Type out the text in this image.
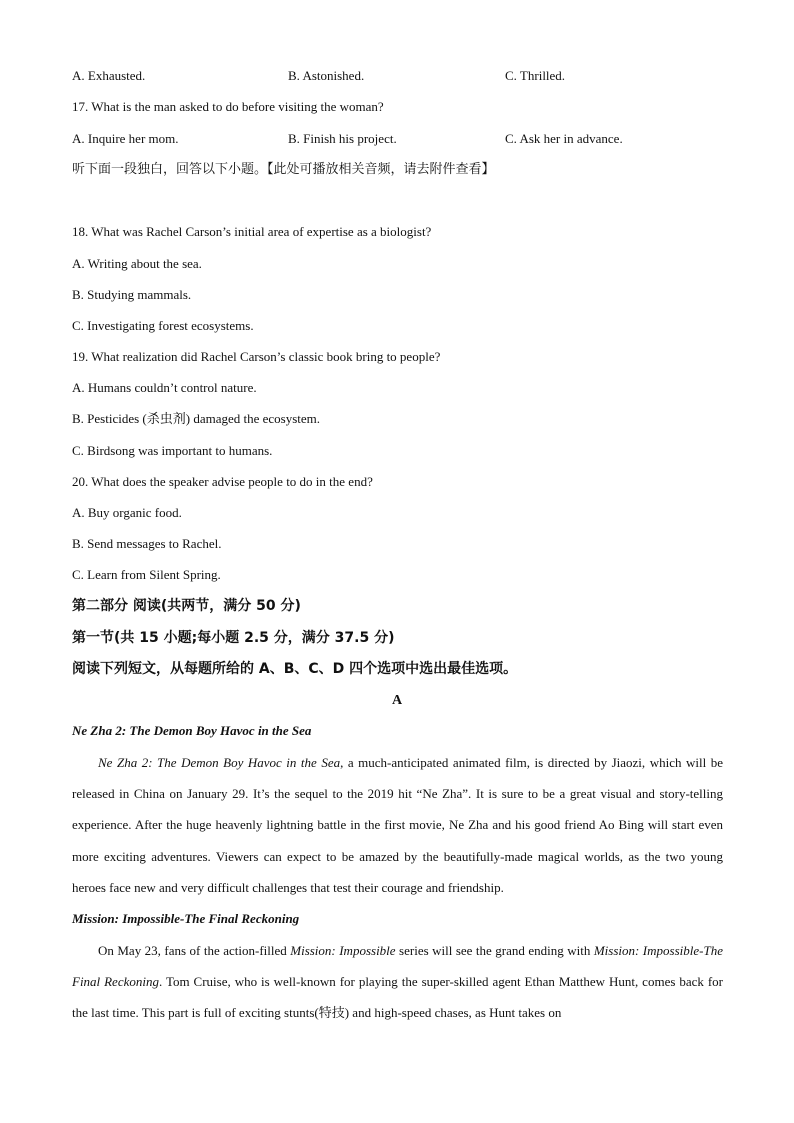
A. Exhausted.	B. Astonished.	C. Thrilled.
17. What is the man asked to do before visiting the woman?
A. Inquire her mom.	B. Finish his project.	C. Ask her in advance.
听下面一段独白，回答以下小题。【此处可播放相关音频，请去附件查看】
18. What was Rachel Carson’s initial area of expertise as a biologist?
A. Writing about the sea.
B. Studying mammals.
C. Investigating forest ecosystems.
19. What realization did Rachel Carson’s classic book bring to people?
A. Humans couldn’t control nature.
B. Pesticides (杀虫剂) damaged the ecosystem.
C. Birdsong was important to humans.
20. What does the speaker advise people to do in the end?
A. Buy organic food.
B. Send messages to Rachel.
C. Learn from Silent Spring.
第二部分 阅读(共两节，满分 50 分)
第一节(共 15 小题;每小题 2.5 分，满分 37.5 分)
阅读下列短文，从每题所给的 A、B、C、D 四个选项中选出最佳选项。
A
Ne Zha 2: The Demon Boy Havoc in the Sea
Ne Zha 2: The Demon Boy Havoc in the Sea, a much-anticipated animated film, is directed by Jiaozi, which will be released in China on January 29. It’s the sequel to the 2019 hit “Ne Zha”. It is sure to be a great visual and story-telling experience. After the huge heavenly lightning battle in the first movie, Ne Zha and his good friend Ao Bing will start even more exciting adventures. Viewers can expect to be amazed by the beautifully-made magical worlds, as the two young heroes face new and very difficult challenges that test their courage and friendship.
Mission: Impossible-The Final Reckoning
On May 23, fans of the action-filled Mission: Impossible series will see the grand ending with Mission: Impossible-The Final Reckoning. Tom Cruise, who is well-known for playing the super-skilled agent Ethan Matthew Hunt, comes back for the last time. This part is full of exciting stunts(特技) and high-speed chases, as Hunt takes on
